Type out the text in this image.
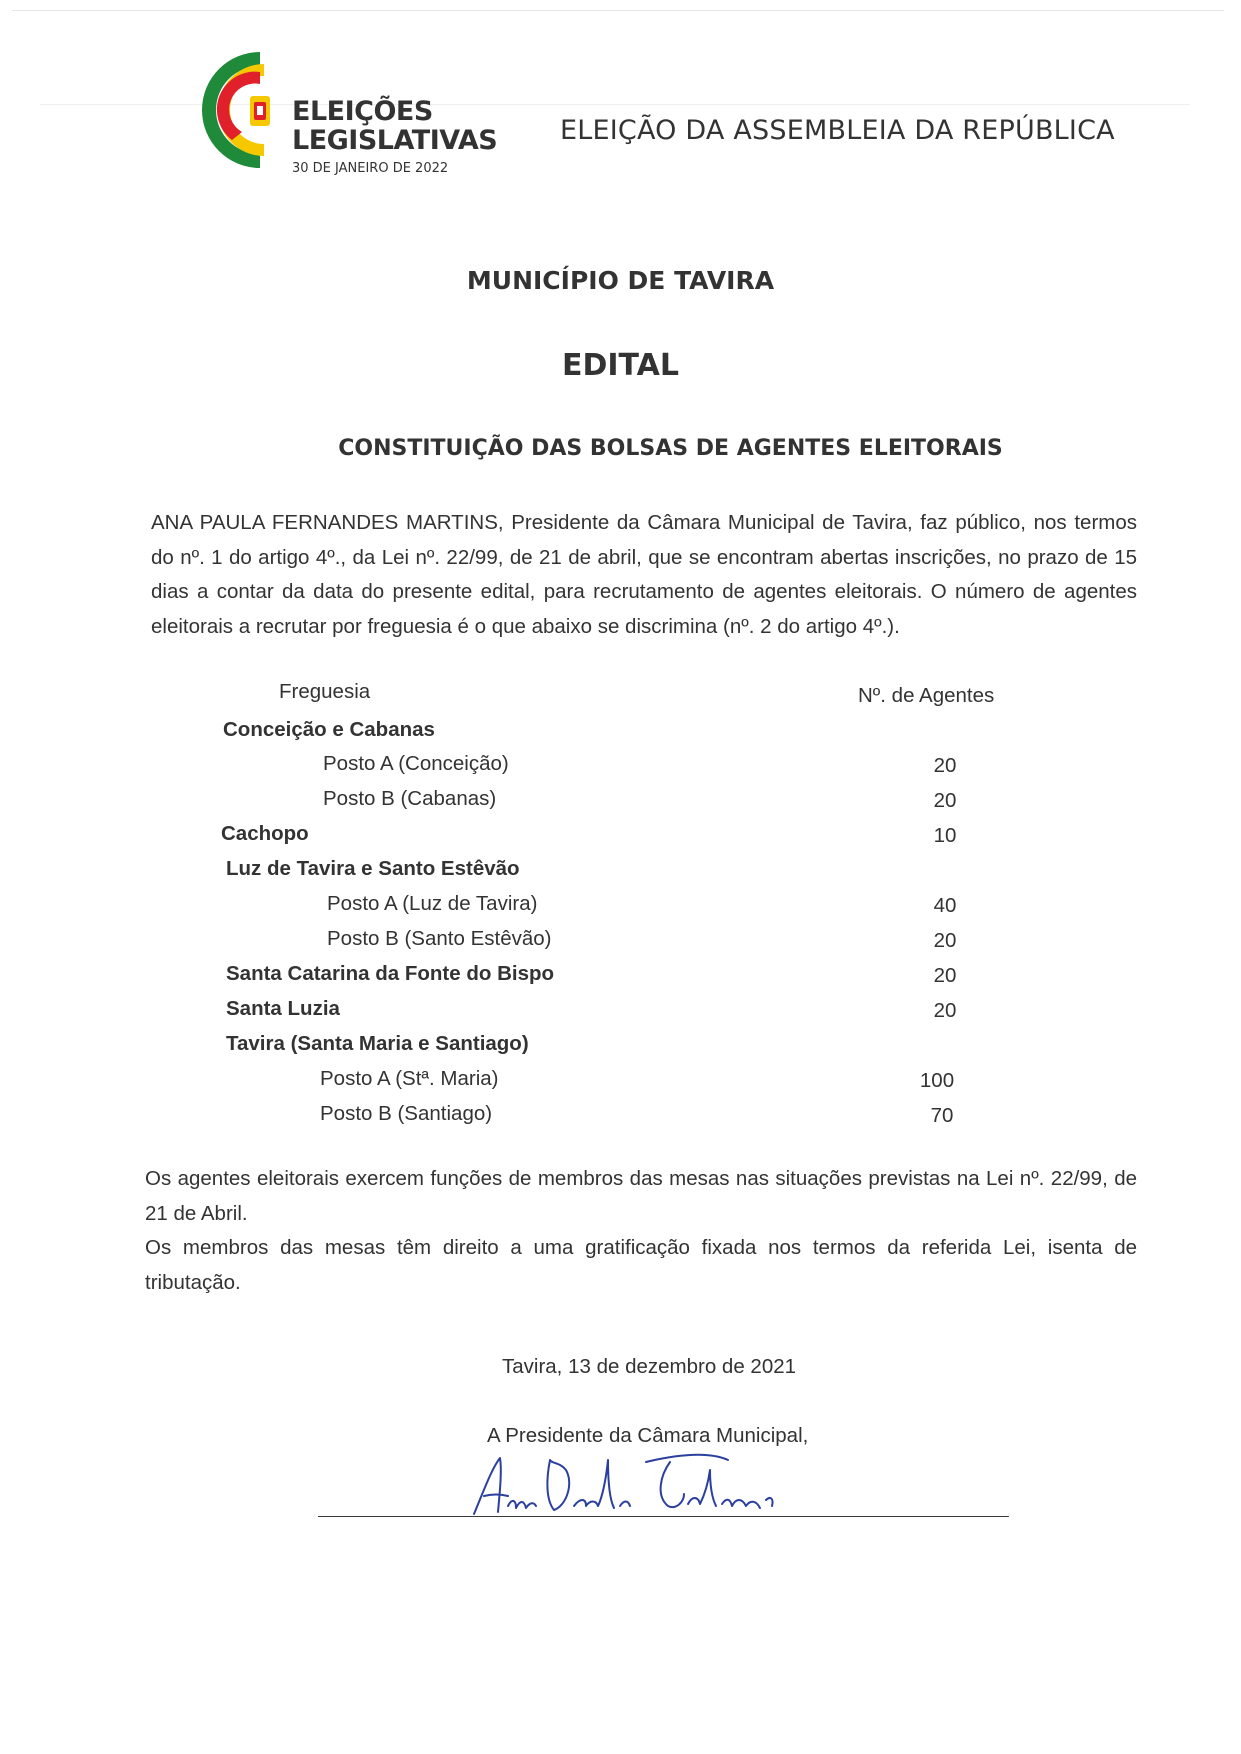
ELEIÇÕES
LEGISLATIVAS
30 DE JANEIRO DE 2022
ELEIÇÃO DA ASSEMBLEIA DA REPÚBLICA
MUNICÍPIO DE TAVIRA
EDITAL
CONSTITUIÇÃO DAS BOLSAS DE AGENTES ELEITORAIS
ANA PAULA FERNANDES MARTINS, Presidente da Câmara Municipal de Tavira, faz público, nos termos do nº. 1 do artigo 4º., da Lei nº. 22/99, de 21 de abril, que se encontram abertas inscrições, no prazo de 15 dias a contar da data do presente edital, para recrutamento de agentes eleitorais. O número de agentes eleitorais a recrutar por freguesia é o que abaixo se discrimina (nº. 2 do artigo 4º.).
Freguesia	Nº. de Agentes
Conceição e Cabanas
Posto A (Conceição)	20
Posto B (Cabanas)	20
Cachopo	10
Luz de Tavira e Santo Estêvão
Posto A (Luz de Tavira)	40
Posto B (Santo Estêvão)	20
Santa Catarina da Fonte do Bispo	20
Santa Luzia	20
Tavira (Santa Maria e Santiago)
Posto A (Stª. Maria)	100
Posto B (Santiago)	70
Os agentes eleitorais exercem funções de membros das mesas nas situações previstas na Lei nº. 22/99, de 21 de Abril.
Os membros das mesas têm direito a uma gratificação fixada nos termos da referida Lei, isenta de tributação.
Tavira, 13 de dezembro de 2021
A Presidente da Câmara Municipal,
